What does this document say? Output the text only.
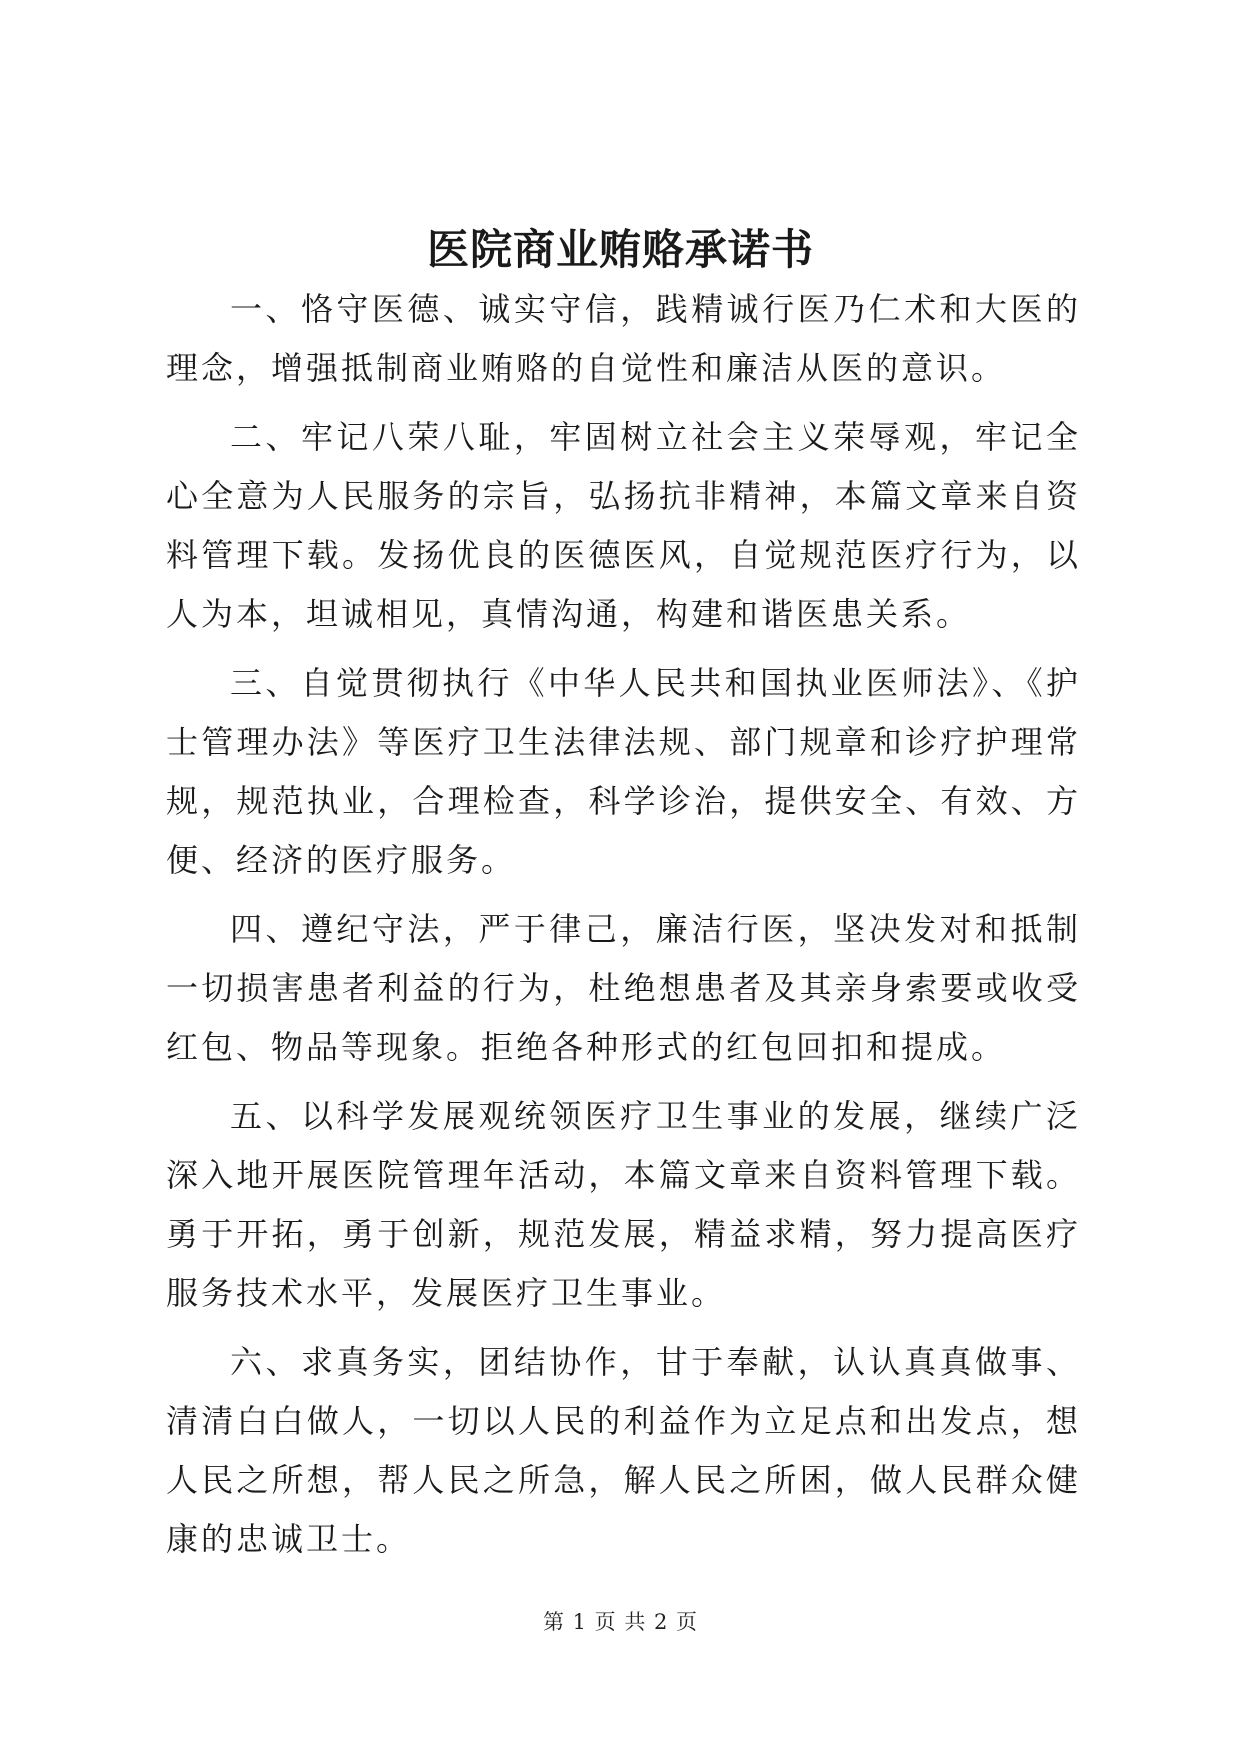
医院商业贿赂承诺书

一、恪守医德、诚实守信，践精诚行医乃仁术和大医的理念，增强抵制商业贿赂的自觉性和廉洁从医的意识。

二、牢记八荣八耻，牢固树立社会主义荣辱观，牢记全心全意为人民服务的宗旨，弘扬抗非精神，本篇文章来自资料管理下载。发扬优良的医德医风，自觉规范医疗行为，以人为本，坦诚相见，真情沟通，构建和谐医患关系。

三、自觉贯彻执行《中华人民共和国执业医师法》、《护士管理办法》等医疗卫生法律法规、部门规章和诊疗护理常规，规范执业，合理检查，科学诊治，提供安全、有效、方便、经济的医疗服务。

四、遵纪守法，严于律己，廉洁行医，坚决发对和抵制一切损害患者利益的行为，杜绝想患者及其亲身索要或收受红包、物品等现象。拒绝各种形式的红包回扣和提成。

五、以科学发展观统领医疗卫生事业的发展，继续广泛深入地开展医院管理年活动，本篇文章来自资料管理下载。勇于开拓，勇于创新，规范发展，精益求精，努力提高医疗服务技术水平，发展医疗卫生事业。

六、求真务实，团结协作，甘于奉献，认认真真做事、清清白白做人，一切以人民的利益作为立足点和出发点，想人民之所想，帮人民之所急，解人民之所困，做人民群众健康的忠诚卫士。

第 1 页 共 2 页
